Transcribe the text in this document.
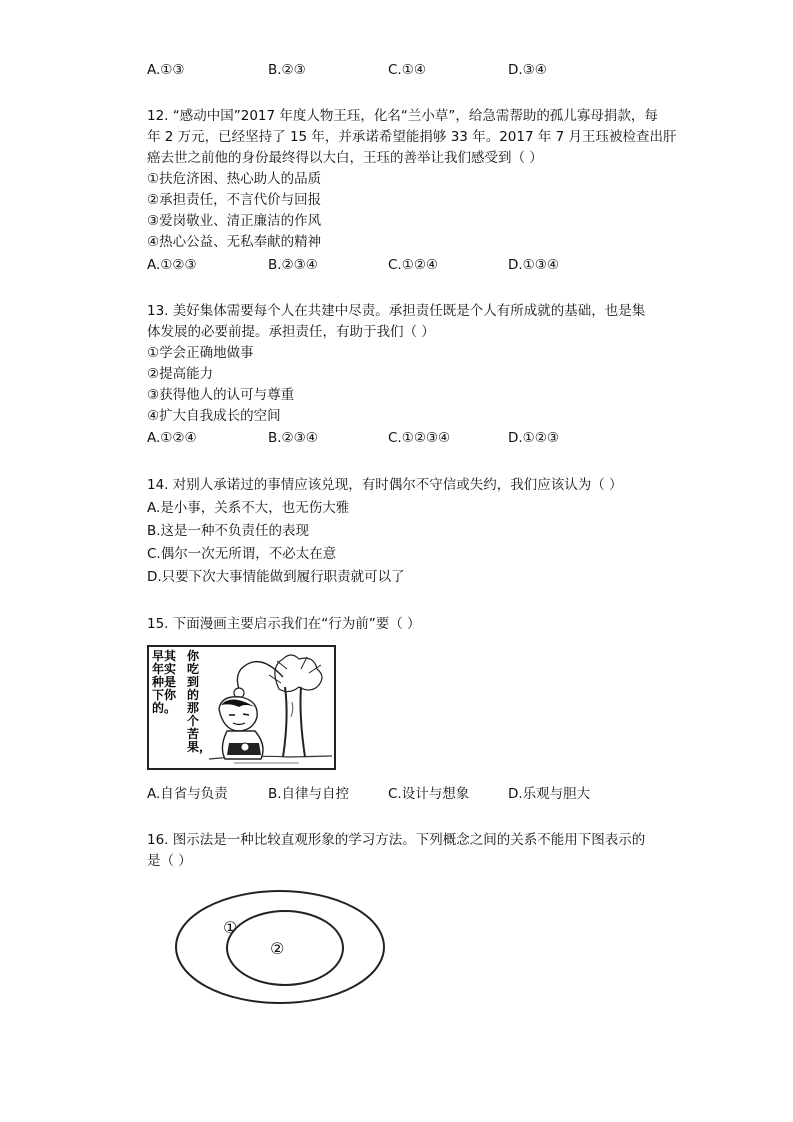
A.①③	B.②③	C.①④	D.③④
12. “感动中国”2017 年度人物王珏，化名“兰小草”，给急需帮助的孤儿寡母捐款，每
年 2 万元，已经坚持了 15 年，并承诺希望能捐够 33 年。2017 年 7 月王珏被检查出肝
癌去世之前他的身份最终得以大白，王珏的善举让我们感受到（ ）
①扶危济困、热心助人的品质
②承担责任，不言代价与回报
③爱岗敬业、清正廉洁的作风
④热心公益、无私奉献的精神
A.①②③	B.②③④	C.①②④	D.①③④
13. 美好集体需要每个人在共建中尽责。承担责任既是个人有所成就的基础，也是集
体发展的必要前提。承担责任，有助于我们（ ）
①学会正确地做事
②提高能力
③获得他人的认可与尊重
④扩大自我成长的空间
A.①②④	B.②③④	C.①②③④	D.①②③
14. 对别人承诺过的事情应该兑现，有时偶尔不守信或失约，我们应该认为（ ）
A.是小事，关系不大，也无伤大雅
B.这是一种不负责任的表现
C.偶尔一次无所谓，不必太在意
D.只要下次大事情能做到履行职责就可以了
15. 下面漫画主要启示我们在“行为前”要（ ）
早年种下的。
其实是你
你吃到的那个苦果，
A.自省与负责	B.自律与自控	C.设计与想象	D.乐观与胆大
16. 图示法是一种比较直观形象的学习方法。下列概念之间的关系不能用下图表示的
是（ ）
①
②
